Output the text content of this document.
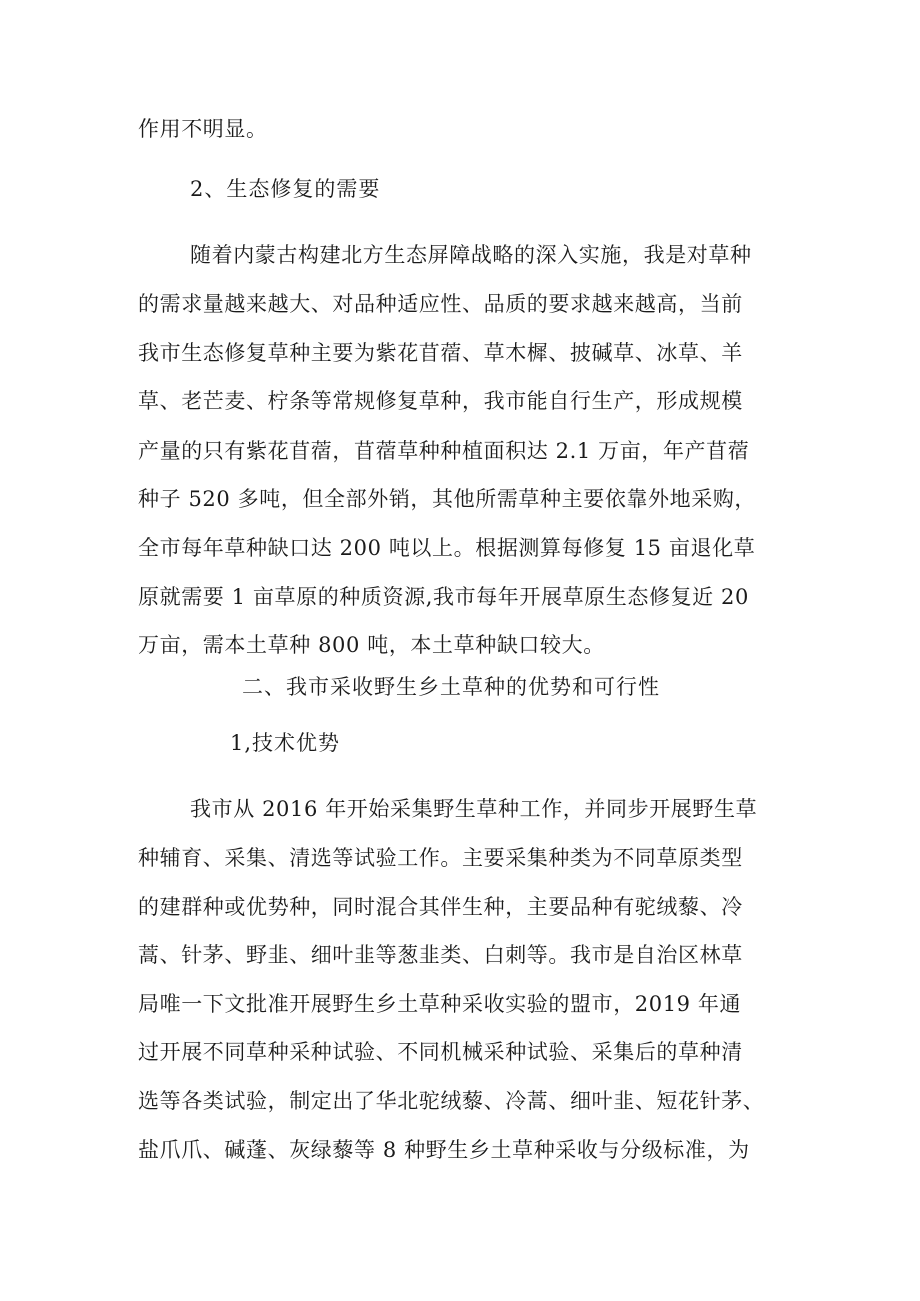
作用不明显。
2、生态修复的需要
随着内蒙古构建北方生态屏障战略的深入实施，我是对草种
的需求量越来越大、对品种适应性、品质的要求越来越高，当前
我市生态修复草种主要为紫花苜蓿、草木樨、披碱草、冰草、羊
草、老芒麦、柠条等常规修复草种，我市能自行生产，形成规模
产量的只有紫花苜蓿，苜蓿草种种植面积达 2.1 万亩，年产苜蓿
种子 520 多吨，但全部外销，其他所需草种主要依靠外地采购，
全市每年草种缺口达 200 吨以上。根据测算每修复 15 亩退化草
原就需要 1 亩草原的种质资源,我市每年开展草原生态修复近 20
万亩，需本土草种 800 吨，本土草种缺口较大。
二、我市采收野生乡土草种的优势和可行性
1,技术优势
我市从 2016 年开始采集野生草种工作，并同步开展野生草
种辅育、采集、清选等试验工作。主要采集种类为不同草原类型
的建群种或优势种，同时混合其伴生种，主要品种有驼绒藜、冷
蒿、针茅、野韭、细叶韭等葱韭类、白刺等。我市是自治区林草
局唯一下文批准开展野生乡土草种采收实验的盟市，2019 年通
过开展不同草种采种试验、不同机械采种试验、采集后的草种清
选等各类试验，制定出了华北驼绒藜、冷蒿、细叶韭、短花针茅、
盐爪爪、碱蓬、灰绿藜等 8 种野生乡土草种采收与分级标准，为
